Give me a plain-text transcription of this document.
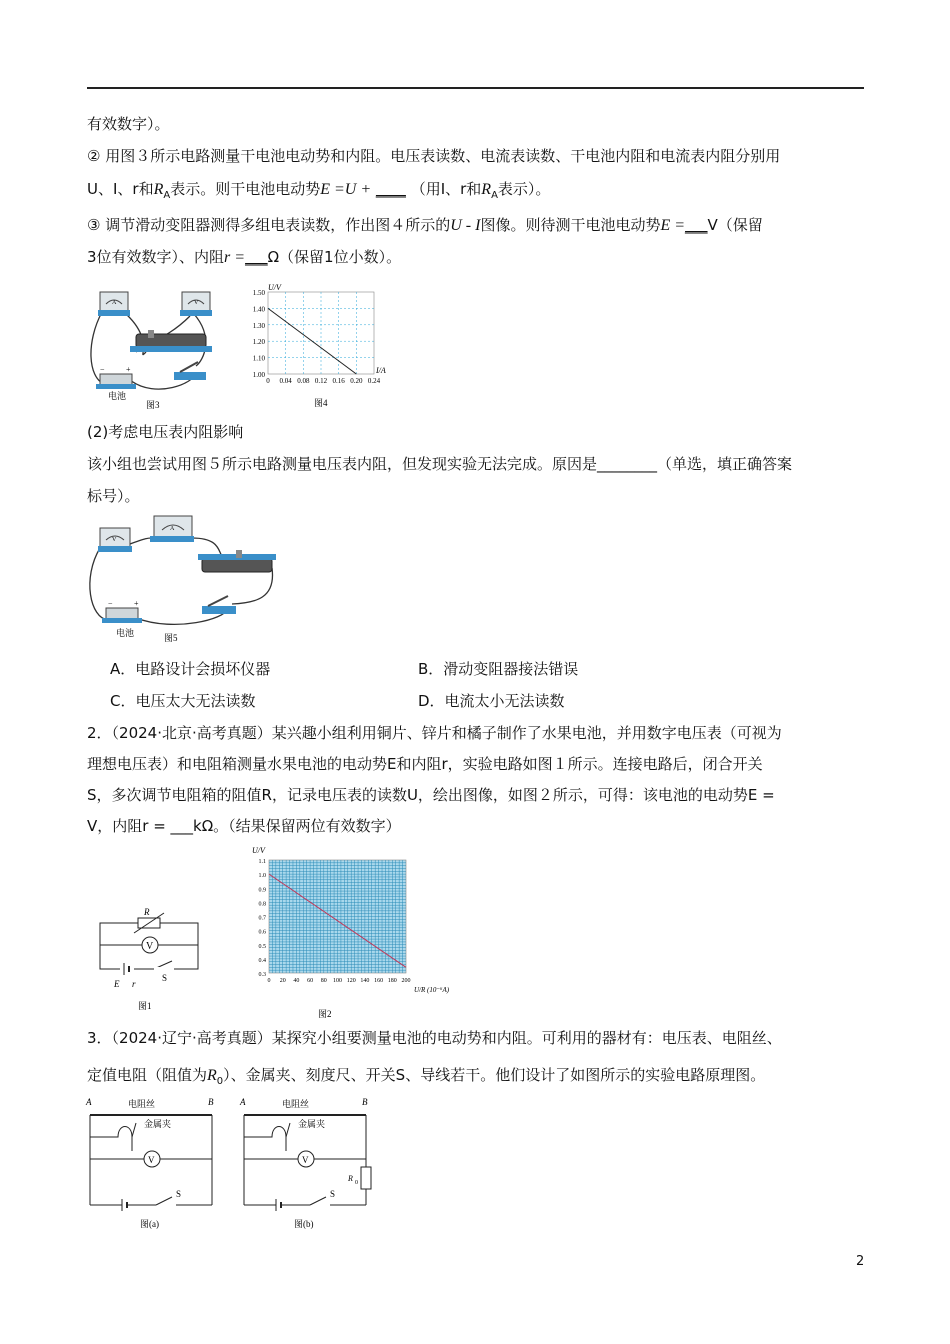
有效数字）。
② 用图３所示电路测量干电池电动势和内阻。电压表读数、电流表读数、干电池内阻和电流表内阻分别用
U、I、r和$R_A$表示。则干电池电动势E =U + ____ （用I、r和$R_A$表示）。
③ 调节滑动变阻器测得多组电表读数，作出图４所示的U - I图像。则待测干电池电动势E =___V（保留
3位有效数字）、内阻r =___Ω（保留1位小数）。
A	V
−	+
电池
图3
0 0.04 0.08 0.12 0.16 0.20 0.24
1.00
1.10
1.20
1.30
1.40
1.50
U/V
I/A
图4
(2)考虑电压表内阻影响
该小组也尝试用图５所示电路测量电压表内阻，但发现实验无法完成。原因是________（单选，填正确答案
标号）。
V
A
−	+
电池	图5
A．电路设计会损坏仪器	B．滑动变阻器接法错误
C．电压太大无法读数	D．电流太小无法读数
2．（2024·北京·高考真题）某兴趣小组利用铜片、锌片和橘子制作了水果电池，并用数字电压表（可视为
理想电压表）和电阻箱测量水果电池的电动势E和内阻r，实验电路如图１所示。连接电路后，闭合开关
S，多次调节电阻箱的阻值R，记录电压表的读数U，绘出图像，如图２所示，可得：该电池的电动势E =
V，内阻r = ___kΩ。（结果保留两位有效数字）
V
R
E r
S
图1
0 20 40 60 80 100 120 140 160 180 200
0.3
0.4
0.5
0.6
0.7
0.8
0.9
1.0
1.1
U/V
U/R (10⁻⁶A)
图2
3．（2024·辽宁·高考真题）某探究小组要测量电池的电动势和内阻。可利用的器材有：电压表、电阻丝、
定值电阻（阻值为$R_0$）、金属夹、刻度尺、开关S、导线若干。他们设计了如图所示的实验电路原理图。
A	B
电阻丝
金属夹
V
S
图(a)
A	B
电阻丝
R 0
金属夹
V
S
图(b)
2
